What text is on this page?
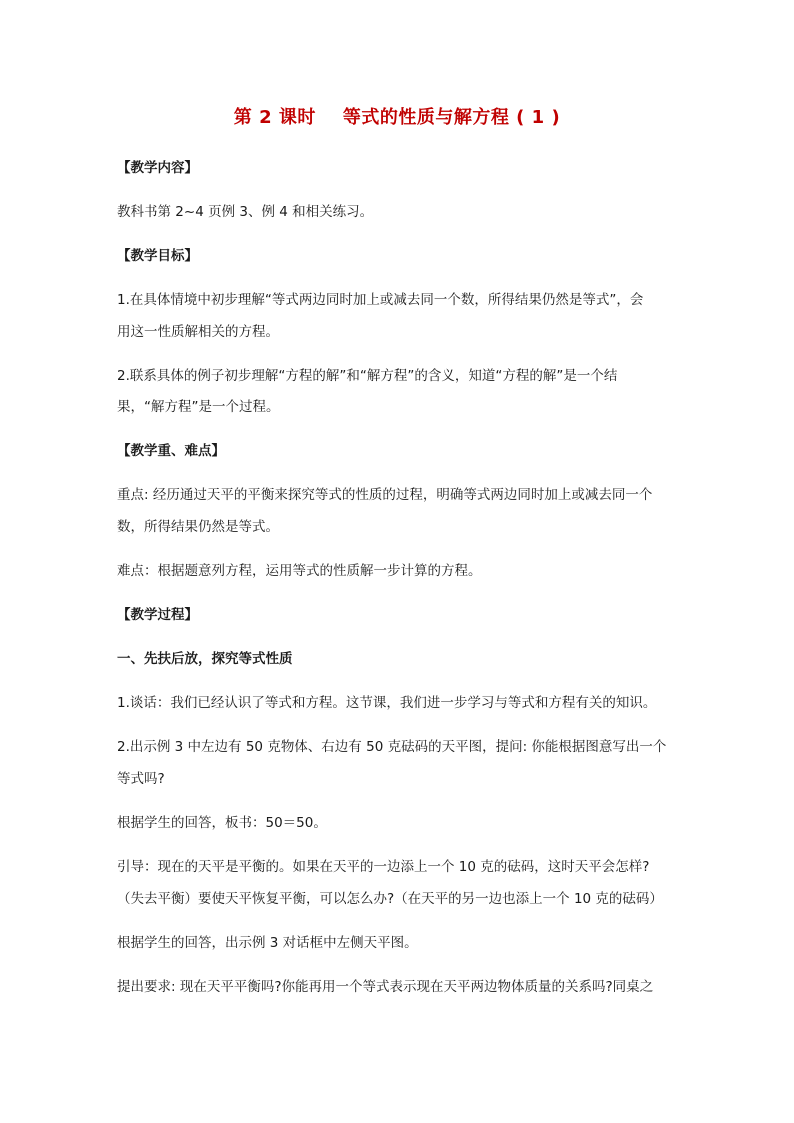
第 2 课时    等式的性质与解方程 ( 1 )
【教学内容】
教科书第 2~4 页例 3、例 4 和相关练习。
【教学目标】
1.在具体情境中初步理解“等式两边同时加上或减去同一个数，所得结果仍然是等式”，会
用这一性质解相关的方程。
2.联系具体的例子初步理解“方程的解”和“解方程”的含义，知道“方程的解”是一个结
果，“解方程”是一个过程。
【教学重、难点】
重点: 经历通过天平的平衡来探究等式的性质的过程，明确等式两边同时加上或减去同一个
数，所得结果仍然是等式。
难点：根据题意列方程，运用等式的性质解一步计算的方程。
【教学过程】
一、先扶后放，探究等式性质
1.谈话：我们已经认识了等式和方程。这节课，我们进一步学习与等式和方程有关的知识。
2.出示例 3 中左边有 50 克物体、右边有 50 克砝码的天平图，提问: 你能根据图意写出一个
等式吗?
根据学生的回答，板书：50＝50。
引导：现在的天平是平衡的。如果在天平的一边添上一个 10 克的砝码，这时天平会怎样?
（失去平衡）要使天平恢复平衡，可以怎么办?（在天平的另一边也添上一个 10 克的砝码）
根据学生的回答，出示例 3 对话框中左侧天平图。
提出要求: 现在天平平衡吗?你能再用一个等式表示现在天平两边物体质量的关系吗?同桌之
